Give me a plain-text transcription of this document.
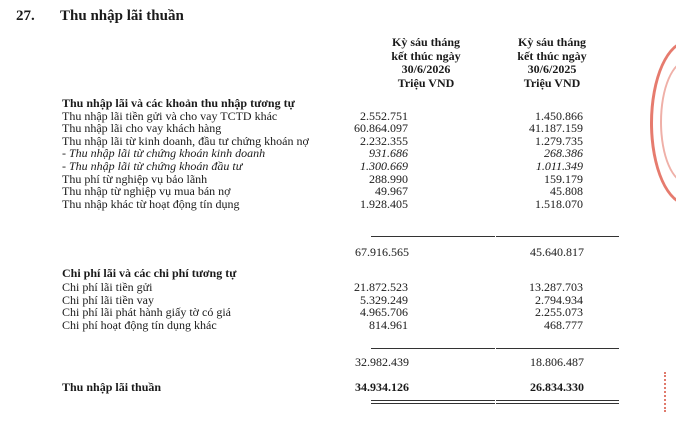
27. Thu nhập lãi thuần
Kỳ sáu tháng
kết thúc ngày
30/6/2026
Triệu VND
Kỳ sáu tháng
kết thúc ngày
30/6/2025
Triệu VND
Thu nhập lãi và các khoản thu nhập tương tự
Thu nhập lãi tiền gửi và cho vay TCTD khác	2.552.751	1.450.866
Thu nhập lãi cho vay khách hàng	60.864.097	41.187.159
Thu nhập lãi từ kinh doanh, đầu tư chứng khoán nợ	2.232.355	1.279.735
- Thu nhập lãi từ chứng khoán kinh doanh	931.686	268.386
- Thu nhập lãi từ chứng khoán đầu tư	1.300.669	1.011.349
Thu phí từ nghiệp vụ bảo lãnh	288.990	159.179
Thu nhập từ nghiệp vụ mua bán nợ	49.967	45.808
Thu nhập khác từ hoạt động tín dụng	1.928.405	1.518.070
67.916.565	45.640.817
Chi phí lãi và các chi phí tương tự
Chi phí lãi tiền gửi	21.872.523	13.287.703
Chi phí lãi tiền vay	5.329.249	2.794.934
Chi phí lãi phát hành giấy tờ có giá	4.965.706	2.255.073
Chi phí hoạt động tín dụng khác	814.961	468.777
32.982.439	18.806.487
Thu nhập lãi thuần	34.934.126	26.834.330
